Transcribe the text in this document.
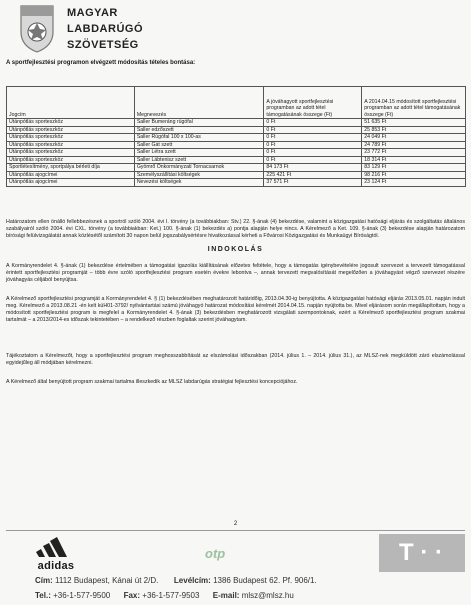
MAGYAR
LABDARÚGÓ
SZÖVETSÉG
A sportfejlesztési programon elvégzett módosítás tételes bontása:
Jogcím	Megnevezés	A jóváhagyott sportfejlesztési programban az adott tétel támogatásának összege (Ft)	A 2014.04.15 módosított sportfejlesztési programban az adott tétel támogatásának összege (Ft)
Utánpótlás sporteszköz	Saller Bumeráng rúgófal	0 Ft	51 635 Ft
Utánpótlás sporteszköz	Saller edzőszett	0 Ft	25 853 Ft
Utánpótlás sporteszköz	Saller Rúgófal 100 x 100-as	0 Ft	24 049 Ft
Utánpótlás sporteszköz	Saller Gát szett	0 Ft	24 789 Ft
Utánpótlás sporteszköz	Saller Létra szett	0 Ft	23 772 Ft
Utánpótlás sporteszköz	Saller Lábtenisz szett	0 Ft	18 314 Ft
Sportlétesítmény, sportpálya bérleti díja	Gyömrő Önkormányzati Tornacsarnok	84 173 Ft	83 129 Ft
Utánpótlás ajogcímei	Személyszállítási költségek	225 421 Ft	98 216 Ft
Utánpótlás ajogcímei	Nevezési költségek	37 571 Ft	23 124 Ft
Határozatom ellen önálló fellebbezésnek a sportról szóló 2004. évi I. törvény (a továbbiakban: Stv.) 22. §-ának (4) bekezdése, valamint a közigazgatási hatósági eljárás és szolgáltatás általános szabályairól szóló 2004. évi CXL. törvény (a továbbiakban: Ket.) 100. §-ának (1) bekezdés a) pontja alapján helye nincs. A Kérelmező a Ket. 109. §-ának (3) bekezdése alapján határozatom bírósági felülvizsgálatát annak közlésétől számított 30 napon belül jogszabálysértésre hivatkozással kérheti a Fővárosi Közigazgatási és Munkaügyi Bíróságtól.
INDOKOLÁS
A Kormányrendelet 4. §-ának (1) bekezdése értelmében a támogatási igazolás kiállításának előzetes feltétele, hogy a támogatás igénybevételére jogosult szervezet a tervezett támogatással érintett sportfejlesztési programját – több évre szóló sportfejlesztési program esetén évekre lebontva –, annak tervezett megvalósítását megelőzően a jóváhagyást végző szervezet részére jóváhagyás céljából benyújtsa.
A Kérelmező sportfejlesztési programját a Kormányrendelet 4. § (1) bekezdésében meghatározott határidőig, 2013.04.30-ig benyújtotta. A közigazgatási hatósági eljárás 2013.05.01. napján indult meg. Kérelmező a 2013.08.21 -én kelt küH01-3792/ nyilvántartási számú jóváhagyó határozat módosítási kérelmét 2014.04.15. napján nyújtotta be. Mivel eljárásom során megállapítottam, hogy a módosított sportfejlesztési program is megfelel a Kormányrendelet 4. §-ának (3) bekezdésben meghatározott vizsgálati szempontoknak, ezért a Kérelmező sportfejlesztési program szakmai tartalmát – a 2013/2014-es időszak tekintetében – a rendelkező részben foglaltak szerint jóváhagytam.
Tájékoztatom a Kérelmezőt, hogy a sportfejlesztési program meghosszabbítását az elszámolási időszakban (2014. július 1. – 2014. július 31.), az MLSZ-nek megküldött záró elszámolással egyidejűleg áll módjában kérelmezni.
A Kérelmező által benyújtott program szakmai tartalma illeszkedik az MLSZ labdarúgás stratégiai fejlesztési koncepciójához.
2
adidas
otp	T · ·
Cím: 1112 Budapest, Kánai út 2/D. Levélcím: 1386 Budapest 62. Pf. 906/1.
Tel.: +36-1-577-9500 Fax: +36-1-577-9503 E-mail: mlsz@mlsz.hu
